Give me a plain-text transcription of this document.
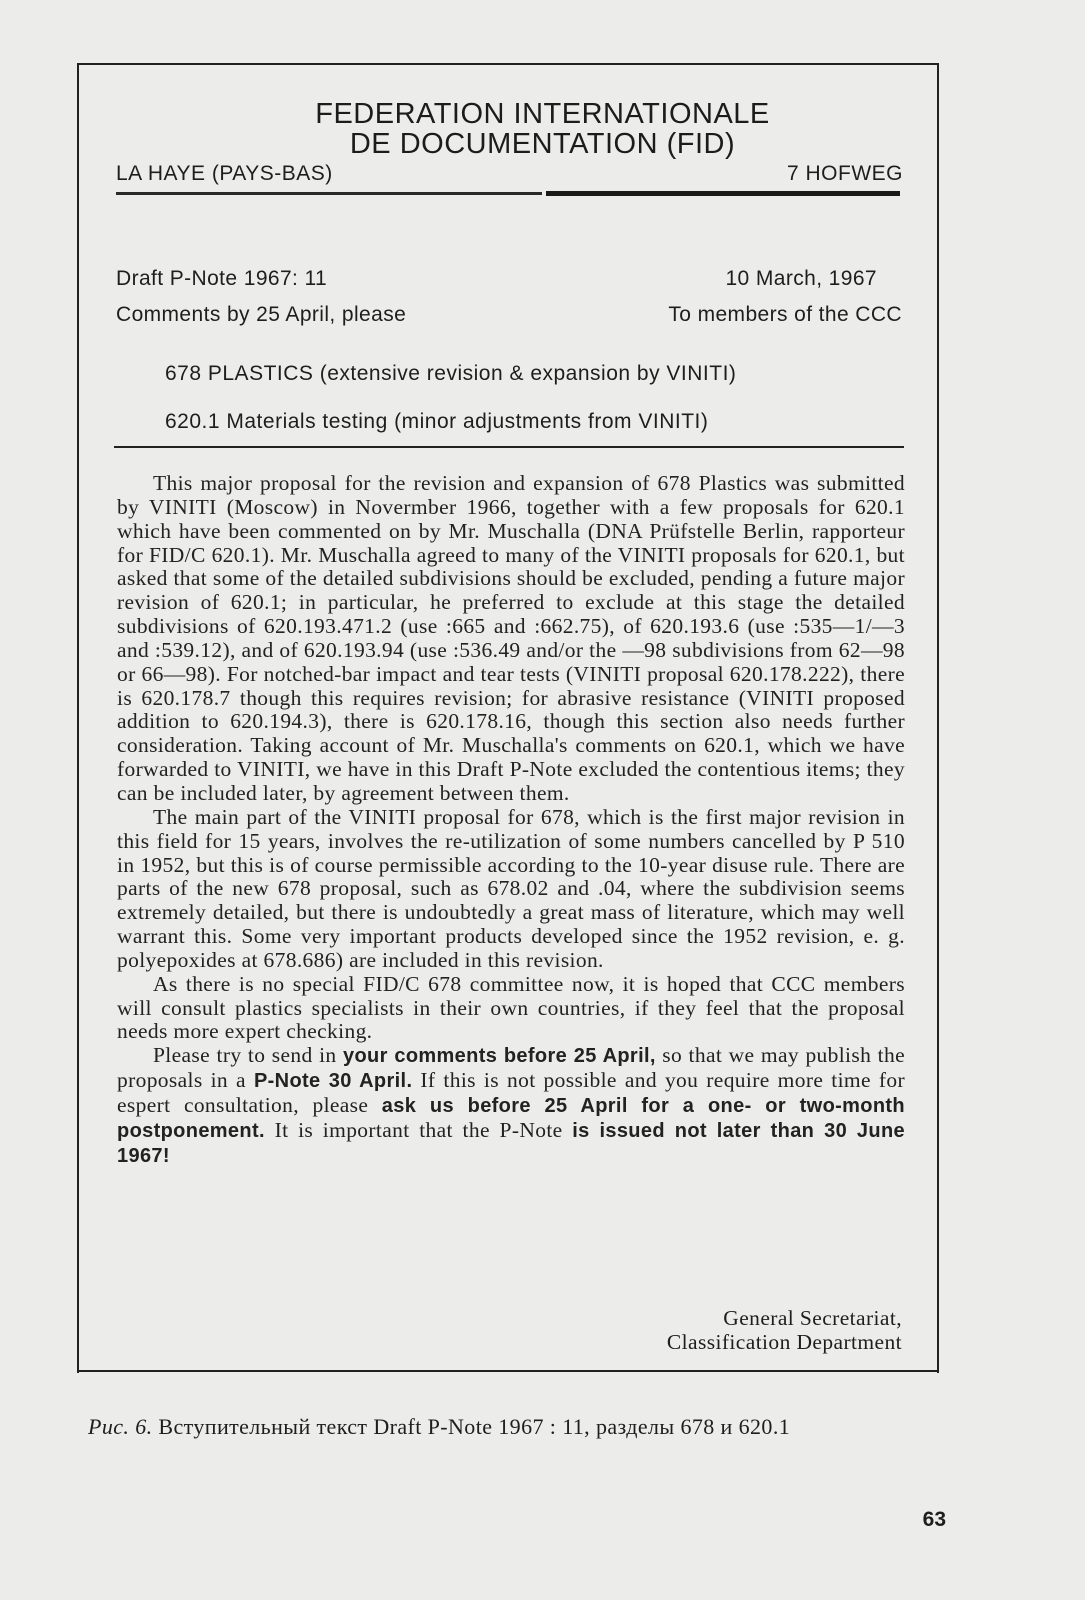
FEDERATION INTERNATIONALE
DE DOCUMENTATION (FID)
LA HAYE (PAYS-BAS)	7 HOFWEG
Draft P-Note 1967: 11	10 March, 1967
Comments by 25 April, please	To members of the CCC
678 PLASTICS (extensive revision & expansion by VINITI)
620.1 Materials testing (minor adjustments from VINITI)

This major proposal for the revision and expansion of 678 Plastics was submitted by VINITI (Moscow) in Novermber 1966, together with a few proposals for 620.1 which have been commented on by Mr. Muschalla (DNA Prüfstelle Berlin, rapporteur for FID/C 620.1). Mr. Muschalla agreed to many of the VINITI proposals for 620.1, but asked that some of the detailed subdivisions should be excluded, pending a future major revision of 620.1; in particular, he preferred to exclude at this stage the detailed subdivisions of 620.193.471.2 (use :665 and :662.75), of 620.193.6 (use :535—1/—3 and :539.12), and of 620.193.94 (use :536.49 and/or the —98 subdivisions from 62—98 or 66—98). For notched-bar impact and tear tests (VINITI proposal 620.178.222), there is 620.178.7 though this requires revision; for abrasive resistance (VINITI proposed addition to 620.194.3), there is 620.178.16, though this section also needs further consideration. Taking account of Mr. Muschalla's comments on 620.1, which we have forwarded to VINITI, we have in this Draft P-Note excluded the contentious items; they can be included later, by agreement between them.

The main part of the VINITI proposal for 678, which is the first major revision in this field for 15 years, involves the re-utilization of some numbers cancelled by P 510 in 1952, but this is of course permissible according to the 10-year disuse rule. There are parts of the new 678 proposal, such as 678.02 and .04, where the subdivision seems extremely detailed, but there is undoubtedly a great mass of literature, which may well warrant this. Some very important products developed since the 1952 revision, e. g. polyepoxides at 678.686) are included in this revision.

As there is no special FID/C 678 committee now, it is hoped that CCC members will consult plastics specialists in their own countries, if they feel that the proposal needs more expert checking.

Please try to send in your comments before 25 April, so that we may publish the proposals in a P-Note 30 April. If this is not possible and you require more time for espert consultation, please ask us before 25 April for a one- or two-month postponement. It is important that the P-Note is issued not later than 30 June 1967!

General Secretariat,
Classification Department
Рис. 6. Вступительный текст Draft P-Note 1967 : 11, разделы 678 и 620.1
63
